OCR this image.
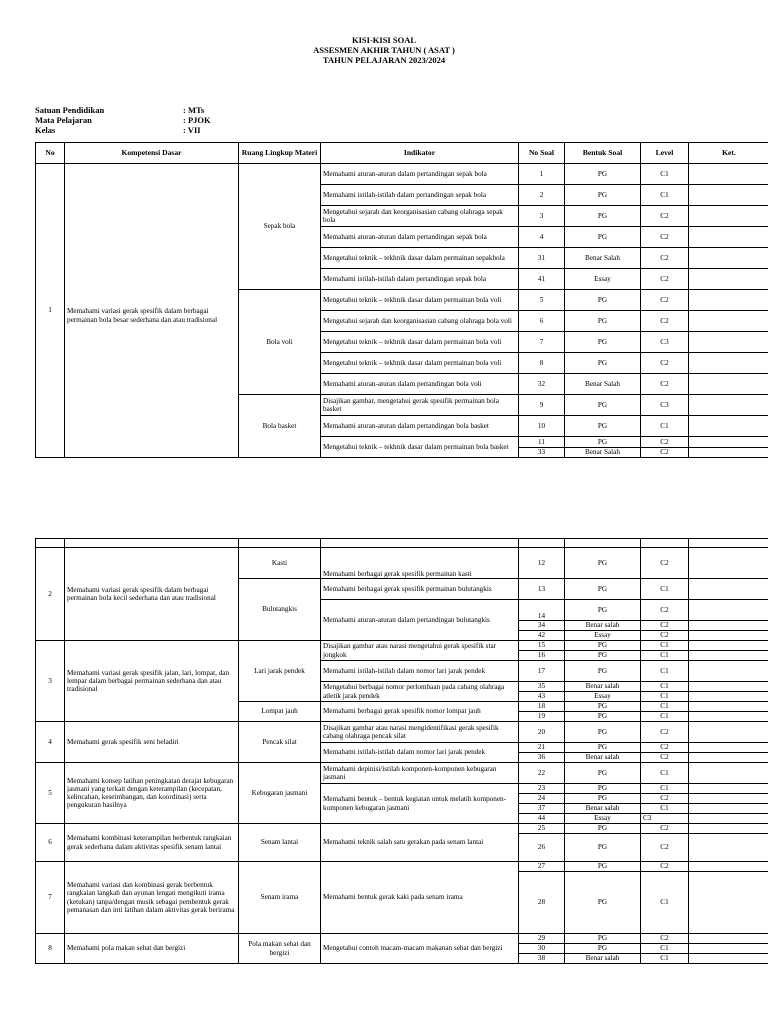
KISI-KISI SOAL
ASSESMEN AKHIR TAHUN ( ASAT )
TAHUN PELAJARAN 2023/2024
Satuan Pendidikan	: MTs
Mata Pelajaran	: PJOK
Kelas	: VII
No	Kompetensi Dasar	Ruang Lingkup Materi	Indikator	No Soal	Bentuk Soal	Level	Ket.
1	Memahami variasi gerak spesifik dalam berbagai permainan bola besar sederhana dan atau tradisional	Sepak bola	Memahami aturan-aturan dalam pertandingan sepak bola	1	PG	C1	
			Memahami istilah-istilah dalam pertandingan sepak bola	2	PG	C1	
			Mengetahui sejarah dan keorganisasian cabang olahraga sepak bola	3	PG	C2	
			Memahami aturan-aturan dalam pertandingan sepak bola	4	PG	C2	
			Mengetahui teknik – tekhnik dasar dalam permainan sepakbola	31	Benar Salah	C2	
			Memahami istilah-istilah dalam pertandingan sepak bola	41	Essay	C2	
		Bola voli	Mengetahui teknik – tekhnik dasar dalam permainan bola voli	5	PG	C2	
			Mengetahui sejarah dan keorganisasian cabang olahraga bola voli	6	PG	C2	
			Mengetahui teknik – tekhnik dasar dalam permainan bola voli	7	PG	C3	
			Mengetahui teknik – tekhnik dasar dalam permainan bola voli	8	PG	C2	
			Memahami aturan-aturan dalam pertandingan bola voli	32	Benar Salah	C2	
		Bola basket	Disajikan gambar, mengetahui gerak spesifik permainan bola basket	9	PG	C3	
			Memahami aturan-aturan dalam pertandingan bola basket	10	PG	C1	
			Mengetahui teknik – tekhnik dasar dalam permainan bola basket	11	PG	C2	
				33	Benar Salah	C2	

2	Memahami variasi gerak spesifik dalam berbagai permainan bola kecil sederhana dan atau tradisional	Kasti	Memahami berbagai gerak spesifik permainan kasti	12	PG	C2	
		Bulutangkis	Memahami berbagai gerak spesifik permainan bulutangkis	13	PG	C1	
			Memahami aturan-aturan dalam pertandingan bulutangkis	14	PG	C2	
				34	Benar salah	C2	
				42	Essay	C2	

3	Memahami variasi gerak spesifik jalan, lari, lompat, dan lempar dalam berbagai permainan sederhana dan atau tradisional	Lari jarak pendek	Disajikan gambar atau narasi mengetahui gerak spesifik star jongkok	15	PG	C1	
				16	PG	C1	
			Memahami istilah-istilah dalam nomor lari jarak pendek	17	PG	C1	
			Mengetahui berbagai nomor perlombaan pada cabang olahraga atletik jarak pendek	35	Benar salah	C1	
				43	Essay	C1	
		Lompat jauh	Memahami berbagai gerak spesifik nomor lompat jauh	18	PG	C1	
				19	PG	C1	

4	Memahami gerak spesifik seni beladiri	Pencak silat	Disajikan gambar atau narasi mengidentifikasi gerak spesifik cabang olahraga pencak silat	20	PG	C2	
			Memahami istilah-istilah dalam nomor lari jarak pendek	21	PG	C2	
				36	Benar salah	C2	
5	Memahami konsep latihan peningkatan derajat kebugaran jasmani yang terkait dengan keterampilan (kecepatan, kelincahan, keseimbangan, dan koordinasi) serta pengukuran hasilnya	Kebugaran jasmani	Memahami depinisi/istilah komponen-komponen kebugaran jasmani	22	PG	C1	
			Memahami bentuk – bentuk kegiatan untuk melatih komponen-komponen kebugaran jasmani	23	PG	C1	
				24	PG	C2	
				37	Benar salah	C1	
				44	Essay	C3	
6	Memahami kombinasi keterampilan berbentuk rangkaian gerak sederhana dalam aktivitas spesifik senam lantai	Senam lantai	Memahami teknik salah satu gerakan pada senam lantai	25	PG	C2	
				26	PG	C2	
7	Memahami variasi dan kombinasi gerak berbentuk rangkaian langkah dan ayunan lengan mengikuti irama (ketukan) tanpa/dengan musik sebagai pembentuk gerak pemanasan dan inti latihan dalam aktivitas gerak berirama	Senam irama	Memahami bentuk gerak kaki pada senam irama	27	PG	C2	
				28	PG	C1	
8	Memahami pola makan sehat dan bergizi	Pola makan sehat dan bergizi	Mengetahui contoh macam-macam makanan sehat dan bergizi	29	PG	C2	
				30	PG	C1	
				38	Benar salah	C1	
